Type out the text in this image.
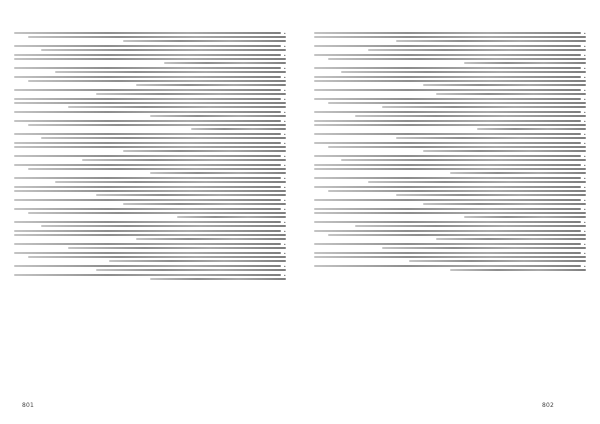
•
•
•
•
•
•
•
•
•
•
•
•
•
•
•
•
•
•
•
•
•
•
•
801
•
•
•
•
•
•
•
•
•
•
•
•
•
•
•
•
•
•
•
•
•
•
802
